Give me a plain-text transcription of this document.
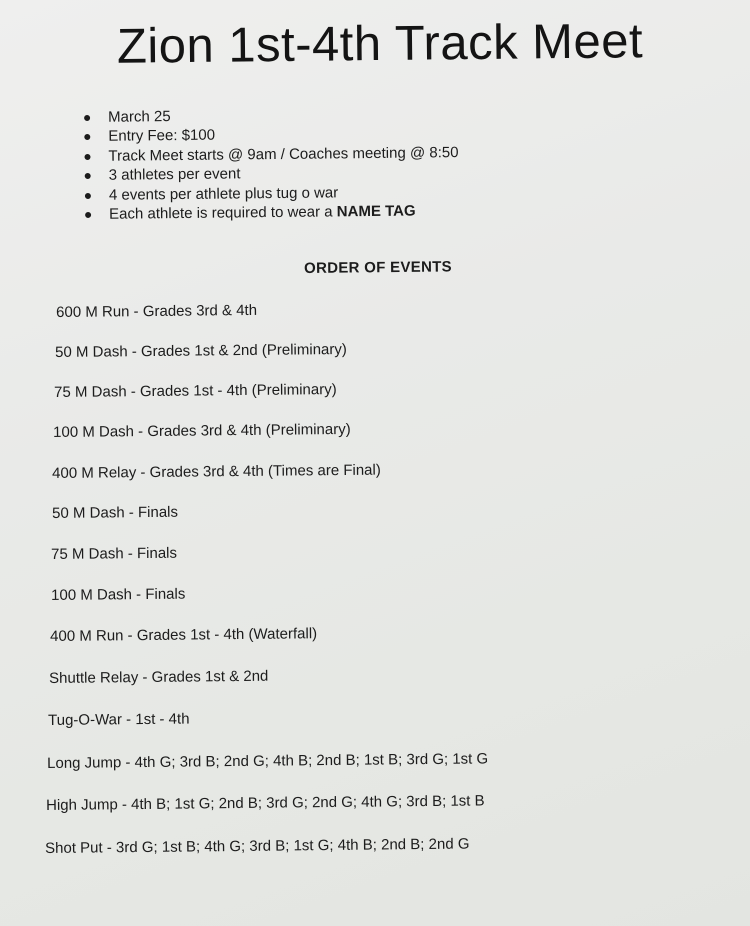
Zion 1st-4th Track Meet
March 25
Entry Fee: $100
Track Meet starts @ 9am / Coaches meeting @ 8:50
3 athletes per event
4 events per athlete plus tug o war
Each athlete is required to wear a NAME TAG
ORDER OF EVENTS
600 M Run - Grades 3rd & 4th
50 M Dash - Grades 1st & 2nd (Preliminary)
75 M Dash - Grades 1st - 4th (Preliminary)
100 M Dash - Grades 3rd & 4th (Preliminary)
400 M Relay - Grades 3rd & 4th (Times are Final)
50 M Dash - Finals
75 M Dash - Finals
100 M Dash - Finals
400 M Run - Grades 1st - 4th (Waterfall)
Shuttle Relay - Grades 1st & 2nd
Tug-O-War - 1st - 4th
Long Jump - 4th G; 3rd B; 2nd G; 4th B; 2nd B; 1st B; 3rd G; 1st G
High Jump - 4th B; 1st G; 2nd B; 3rd G; 2nd G; 4th G; 3rd B; 1st B
Shot Put - 3rd G; 1st B; 4th G; 3rd B; 1st G; 4th B; 2nd B; 2nd G
